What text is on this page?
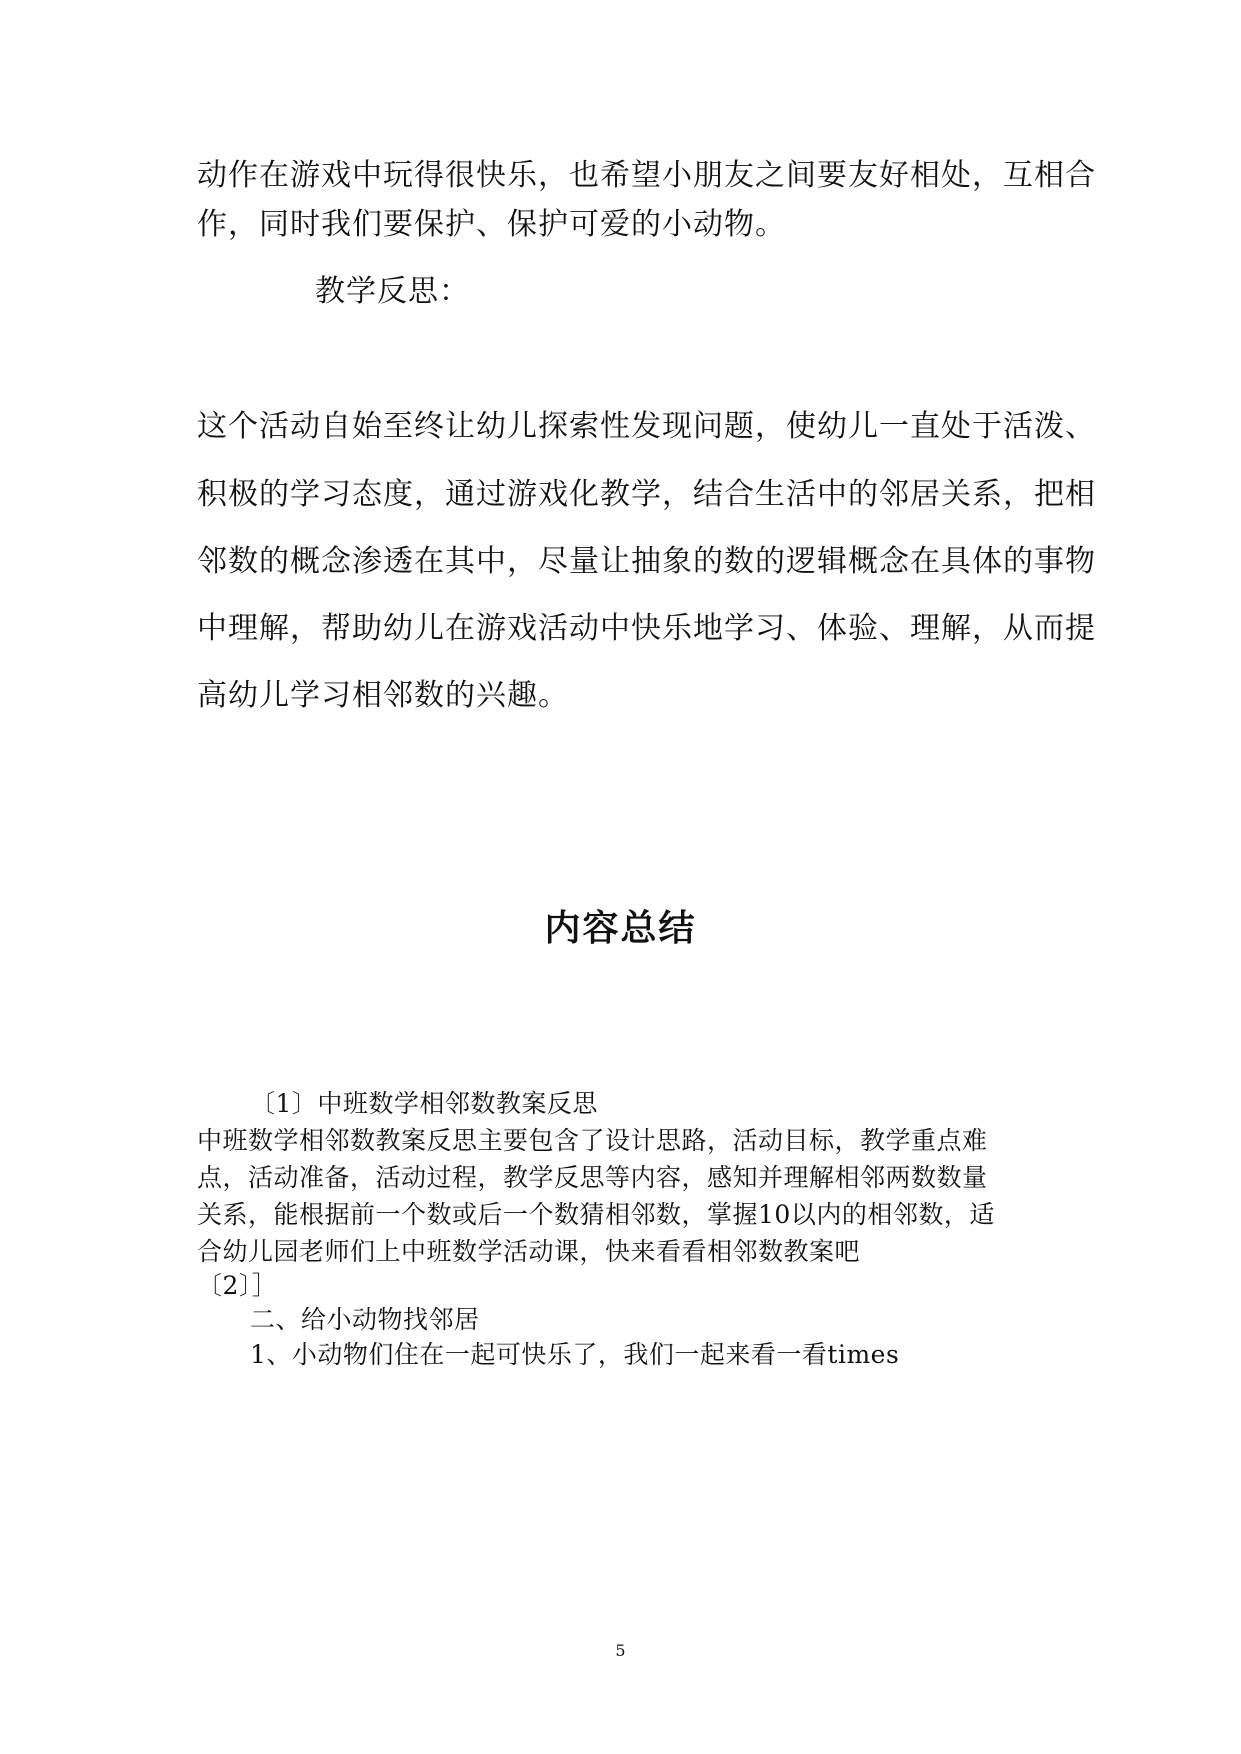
动作在游戏中玩得很快乐，也希望小朋友之间要友好相处，互相合
作，同时我们要保护、保护可爱的小动物。
教学反思：
这个活动自始至终让幼儿探索性发现问题，使幼儿一直处于活泼、
积极的学习态度，通过游戏化教学，结合生活中的邻居关系，把相
邻数的概念渗透在其中，尽量让抽象的数的逻辑概念在具体的事物
中理解，帮助幼儿在游戏活动中快乐地学习、体验、理解，从而提
高幼儿学习相邻数的兴趣。
内容总结
〔1〕中班数学相邻数教案反思
中班数学相邻数教案反思主要包含了设计思路，活动目标，教学重点难
点，活动准备，活动过程，教学反思等内容，感知并理解相邻两数数量
关系，能根据前一个数或后一个数猜相邻数，掌握10以内的相邻数，适
合幼儿园老师们上中班数学活动课，快来看看相邻数教案吧
〔2〕］
二、给小动物找邻居
1、小动物们住在一起可快乐了，我们一起来看一看times
5
